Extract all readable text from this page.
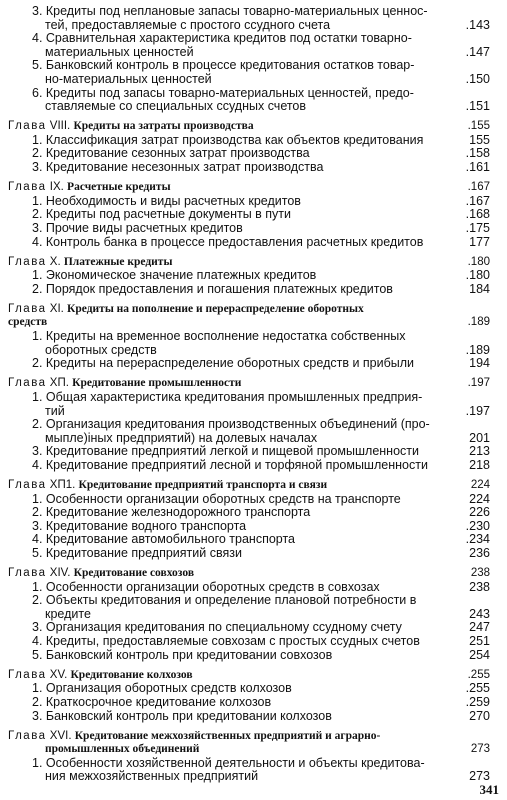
3. Кредиты под неплановые запасы товарно-материальных ценнос-
тей, предоставляемые с простого ссудного счета	.143
4. Сравнительная характеристика кредитов под остатки товарно-
материальных ценностей	.147
5. Банковский контроль в процессе кредитования остатков товар-
но-материальных ценностей	.150
6. Кредиты под запасы товарно-материальных ценностей, предо-
ставляемые со специальных ссудных счетов	.151
Глава VIII. Кредиты на затраты производства	.155
1. Классификация затрат производства как объектов кредитования	155
2. Кредитование сезонных затрат производства	.158
3. Кредитование несезонных затрат производства	.161
Глава IX. Расчетные кредиты	.167
1. Необходимость и виды расчетных кредитов	.167
2. Кредиты под расчетные документы в пути	.168
3. Прочие виды расчетных кредитов	.175
4. Контроль банка в процессе предоставления расчетных кредитов	177
Глава X. Платежные кредиты	.180
1. Экономическое значение платежных кредитов	.180
2. Порядок предоставления и погашения платежных кредитов	184
Глава XI. Кредиты на пополнение и перераспределение оборотных
средств	.189
1. Кредиты на временное восполнение недостатка собственных
оборотных средств	.189
2. Кредиты на перераспределение оборотных средств и прибыли	194
Глава ХП. Кредитование промышленности	.197
1. Общая характеристика кредитования промышленных предприя-
тий	.197
2. Организация кредитования производственных объединений (про-
мыпле)іных предприятий) на долевых началах	201
3. Кредитование предприятий легкой и пищевой промышленности	213
4. Кредитование предприятий лесной и торфяной промышленности	218
Глава ХП1. Кредитование предприятий транспорта и связи	224
1. Особенности организации оборотных средств на транспорте	224
2. Кредитование железнодорожного транспорта	226
3. Кредитование водного транспорта	.230
4. Кредитование автомобильного транспорта	.234
5. Кредитование предприятий связи	236
Глава XIV. Кредитование совхозов	238
1. Особенности организации оборотных средств в совхозах	238
2. Объекты кредитования и определение плановой потребности в
кредите	243
3. Организация кредитования по специальному ссудному счету	247
4. Кредиты, предоставляемые совхозам с простых ссудных счетов	251
5. Банковский контроль при кредитовании совхозов	254
Глава XV. Кредитование колхозов	.255
1. Организация оборотных средств колхозов	.255
2. Краткосрочное кредитование колхозов	.259
3. Банковский контроль при кредитовании колхозов	270
Глава XVI. Кредитование межхозяйственных предприятий и аграрно-
промышленных объединений	273
1. Особенности хозяйственной деятельности и объекты кредитова-
ния межхозяйственных предприятий	273
341
